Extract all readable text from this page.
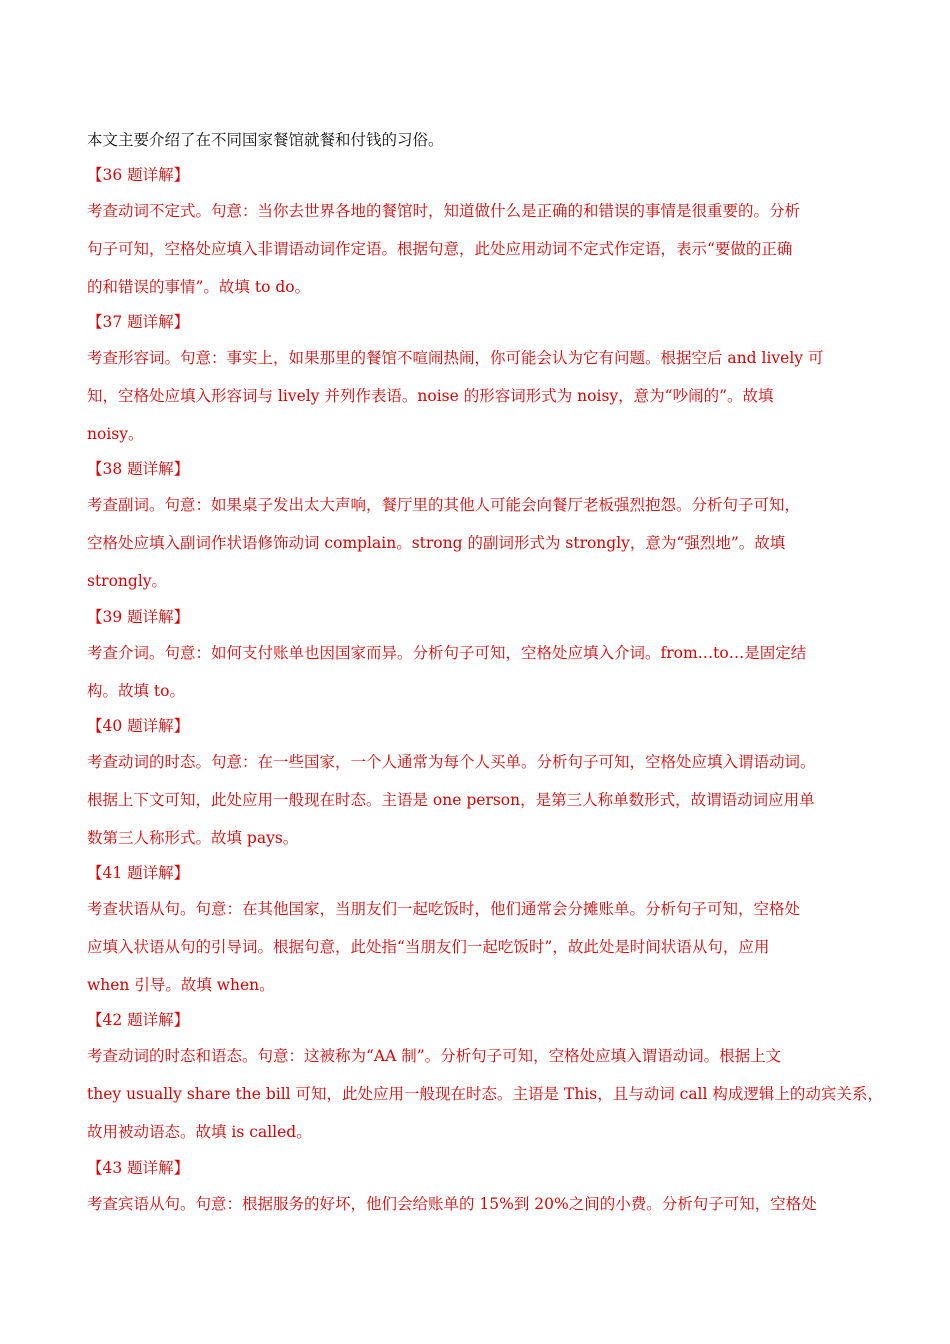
本文主要介绍了在不同国家餐馆就餐和付钱的习俗。
【36 题详解】
考查动词不定式。句意：当你去世界各地的餐馆时，知道做什么是正确的和错误的事情是很重要的。分析
句子可知，空格处应填入非谓语动词作定语。根据句意，此处应用动词不定式作定语，表示“要做的正确
的和错误的事情”。故填 to do。
【37 题详解】
考查形容词。句意：事实上，如果那里的餐馆不喧闹热闹，你可能会认为它有问题。根据空后 and lively 可
知，空格处应填入形容词与 lively 并列作表语。noise 的形容词形式为 noisy，意为“吵闹的”。故填
noisy。
【38 题详解】
考查副词。句意：如果桌子发出太大声响，餐厅里的其他人可能会向餐厅老板强烈抱怨。分析句子可知，
空格处应填入副词作状语修饰动词 complain。strong 的副词形式为 strongly，意为“强烈地”。故填
strongly。
【39 题详解】
考查介词。句意：如何支付账单也因国家而异。分析句子可知，空格处应填入介词。from…to…是固定结
构。故填 to。
【40 题详解】
考查动词的时态。句意：在一些国家，一个人通常为每个人买单。分析句子可知，空格处应填入谓语动词。
根据上下文可知，此处应用一般现在时态。主语是 one person，是第三人称单数形式，故谓语动词应用单
数第三人称形式。故填 pays。
【41 题详解】
考查状语从句。句意：在其他国家，当朋友们一起吃饭时，他们通常会分摊账单。分析句子可知，空格处
应填入状语从句的引导词。根据句意，此处指“当朋友们一起吃饭时”，故此处是时间状语从句，应用
when 引导。故填 when。
【42 题详解】
考查动词的时态和语态。句意：这被称为“AA 制”。分析句子可知，空格处应填入谓语动词。根据上文
they usually share the bill 可知，此处应用一般现在时态。主语是 This，且与动词 call 构成逻辑上的动宾关系，
故用被动语态。故填 is called。
【43 题详解】
考查宾语从句。句意：根据服务的好坏，他们会给账单的 15%到 20%之间的小费。分析句子可知，空格处
